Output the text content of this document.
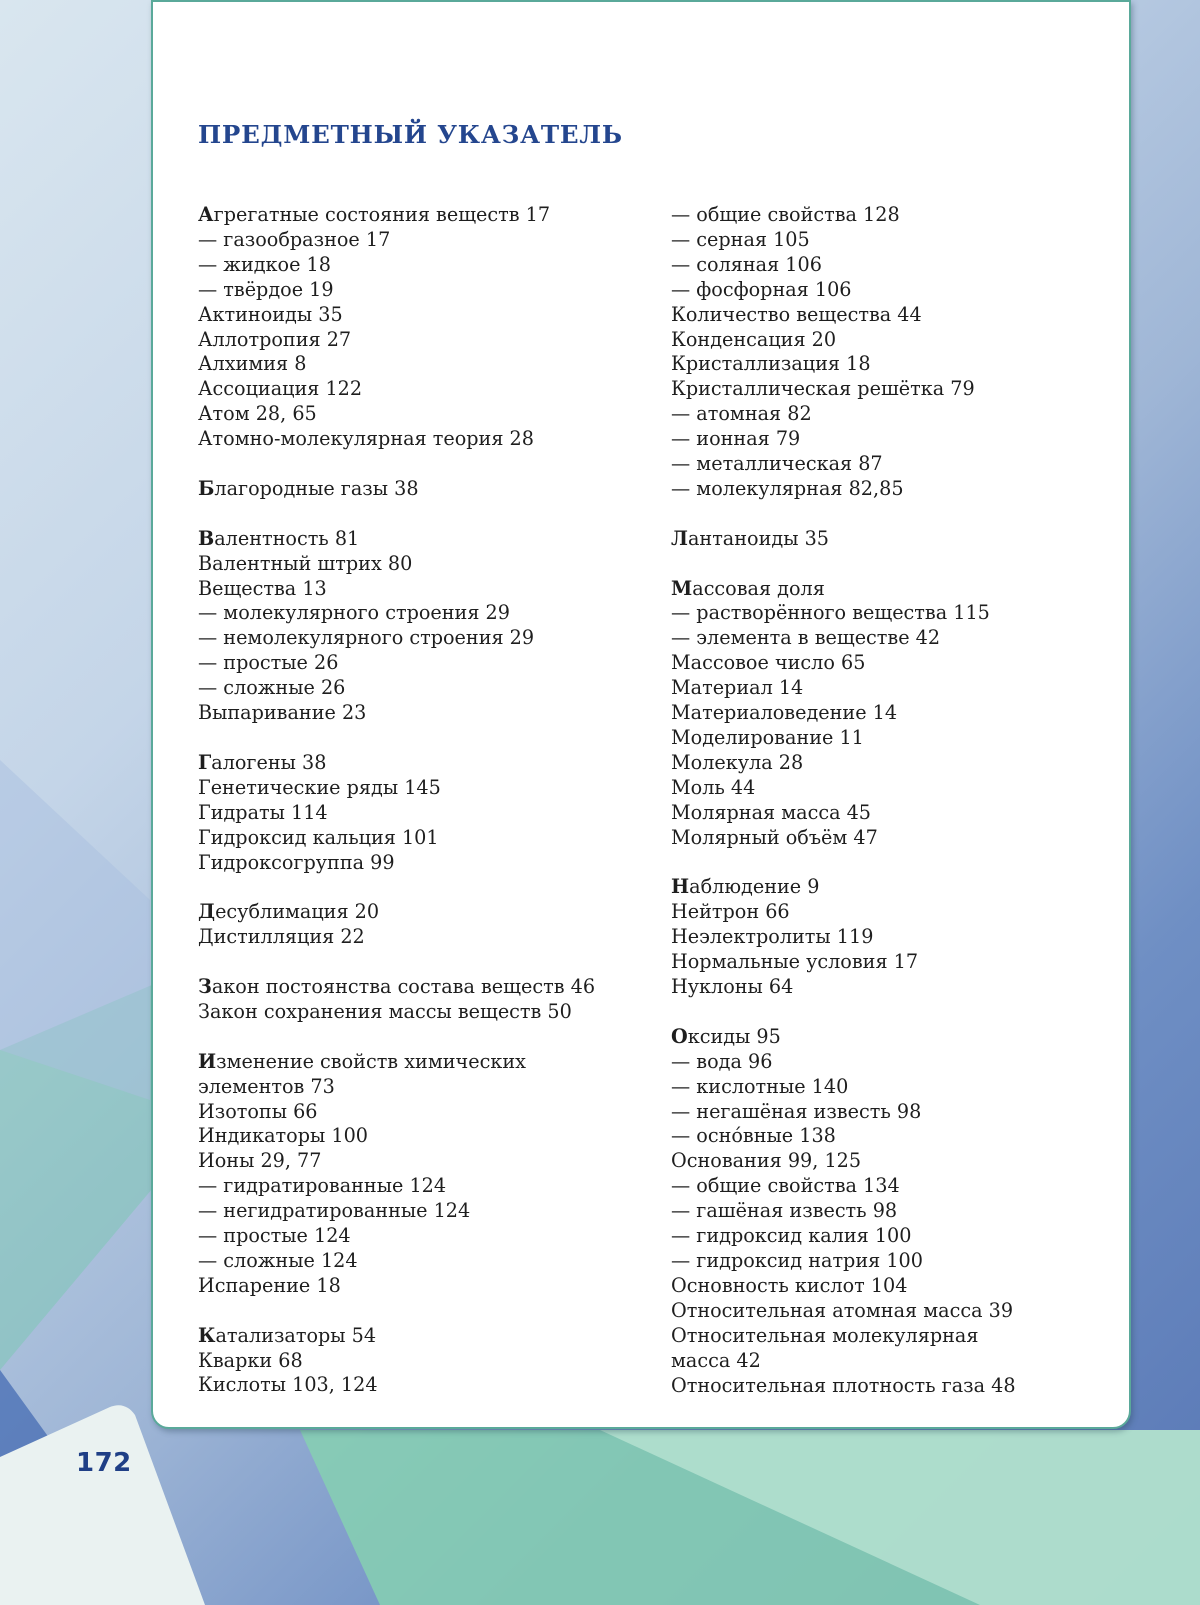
ПРЕДМЕТНЫЙ УКАЗАТЕЛЬ
Агрегатные состояния веществ 17
— газообразное 17
— жидкое 18
— твёрдое 19
Актиноиды 35
Аллотропия 27
Алхимия 8
Ассоциация 122
Атом 28, 65
Атомно-молекулярная теория 28
Благородные газы 38
Валентность 81
Валентный штрих 80
Вещества 13
— молекулярного строения 29
— немолекулярного строения 29
— простые 26
— сложные 26
Выпаривание 23
Галогены 38
Генетические ряды 145
Гидраты 114
Гидроксид кальция 101
Гидроксогруппа 99
Десублимация 20
Дистилляция 22
Закон постоянства состава веществ 46
Закон сохранения массы веществ 50
Изменение свойств химических
элементов 73
Изотопы 66
Индикаторы 100
Ионы 29, 77
— гидратированные 124
— негидратированные 124
— простые 124
— сложные 124
Испарение 18
Катализаторы 54
Кварки 68
Кислоты 103, 124
— общие свойства 128
— серная 105
— соляная 106
— фосфорная 106
Количество вещества 44
Конденсация 20
Кристаллизация 18
Кристаллическая решётка 79
— атомная 82
— ионная 79
— металлическая 87
— молекулярная 82,85
Лантаноиды 35
Массовая доля
— растворённого вещества 115
— элемента в веществе 42
Массовое число 65
Материал 14
Материаловедение 14
Моделирование 11
Молекула 28
Моль 44
Молярная масса 45
Молярный объём 47
Наблюдение 9
Нейтрон 66
Неэлектролиты 119
Нормальные условия 17
Нуклоны 64
Оксиды 95
— вода 96
— кислотные 140
— негашёная известь 98
— осно́вные 138
Основания 99, 125
— общие свойства 134
— гашёная известь 98
— гидроксид калия 100
— гидроксид натрия 100
Основность кислот 104
Относительная атомная масса 39
Относительная молекулярная
масса 42
Относительная плотность газа 48
172
